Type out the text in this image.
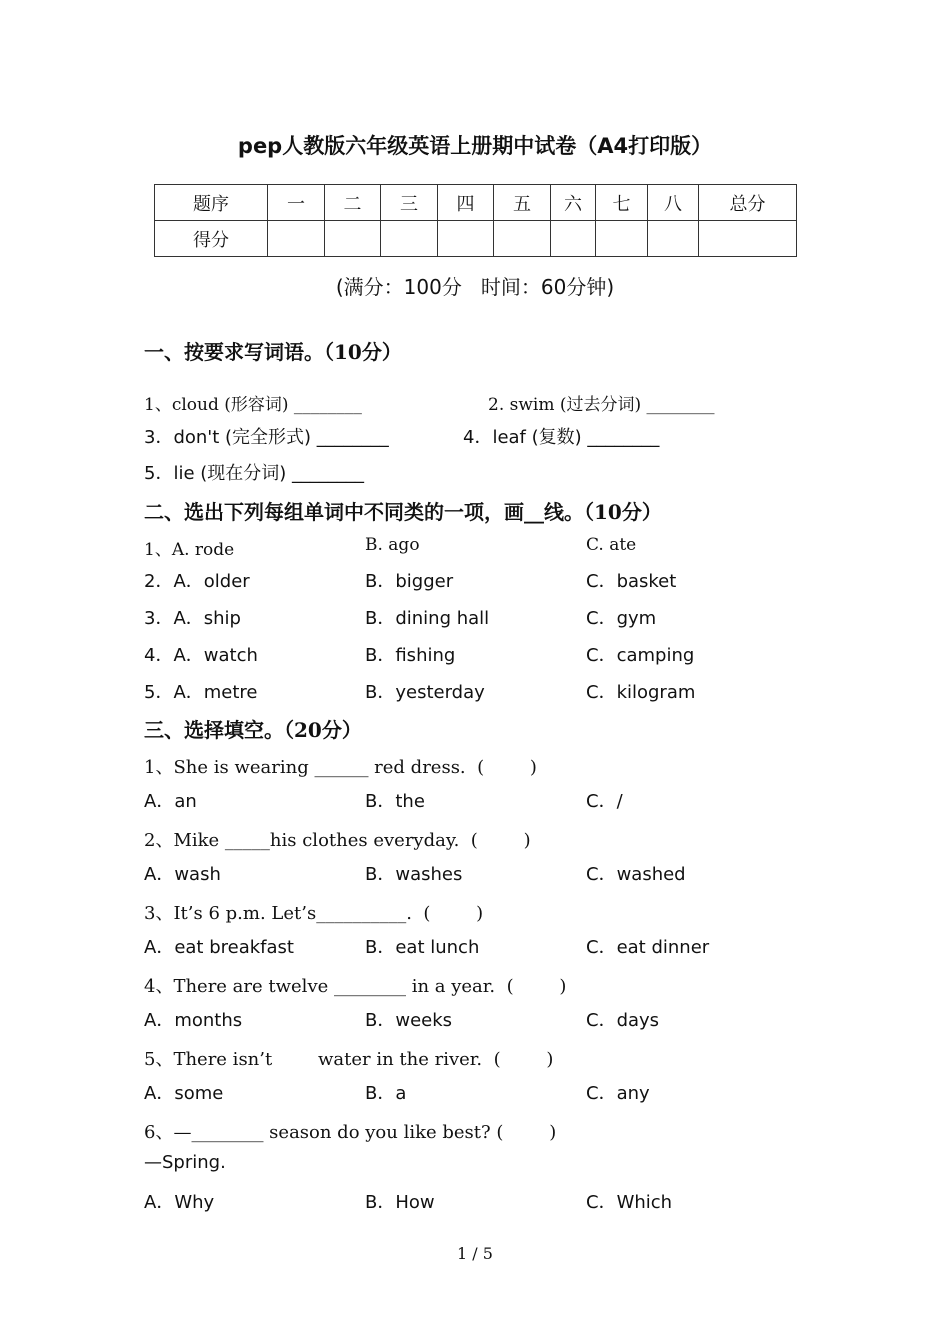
pep人教版六年级英语上册期中试卷（A4打印版）
题序	一	二	三	四	五	六	七	八	总分
得分									
(满分：100分   时间：60分钟)
一、按要求写词语。（10分）
1、cloud (形容词) ________	2. swim (过去分词) ________
3．don't (完全形式) ________	4．leaf (复数) ________
5．lie (现在分词) ________
二、选出下列每组单词中不同类的一项，画__线。（10分）
1、A. rode	B. ago	C. ate
2．A．older	B．bigger	C．basket
3．A．ship	B．dining hall	C．gym
4．A．watch	B．fishing	C．camping
5．A．metre	B．yesterday	C．kilogram
三、选择填空。（20分）
1、She is wearing ______ red dress.  (        )
A．an	B．the	C．/
2、Mike _____his clothes everyday.  (        )
A．wash	B．washes	C．washed
3、It’s 6 p.m. Let’s__________.  (        )
A．eat breakfast	B．eat lunch	C．eat dinner
4、There are twelve ________ in a year.  (        )
A．months	B．weeks	C．days
5、There isn’t        water in the river.  (        )
A．some	B．a	C．any
6、—________ season do you like best? (        )
—Spring.
A．Why	B．How	C．Which
1 / 5
